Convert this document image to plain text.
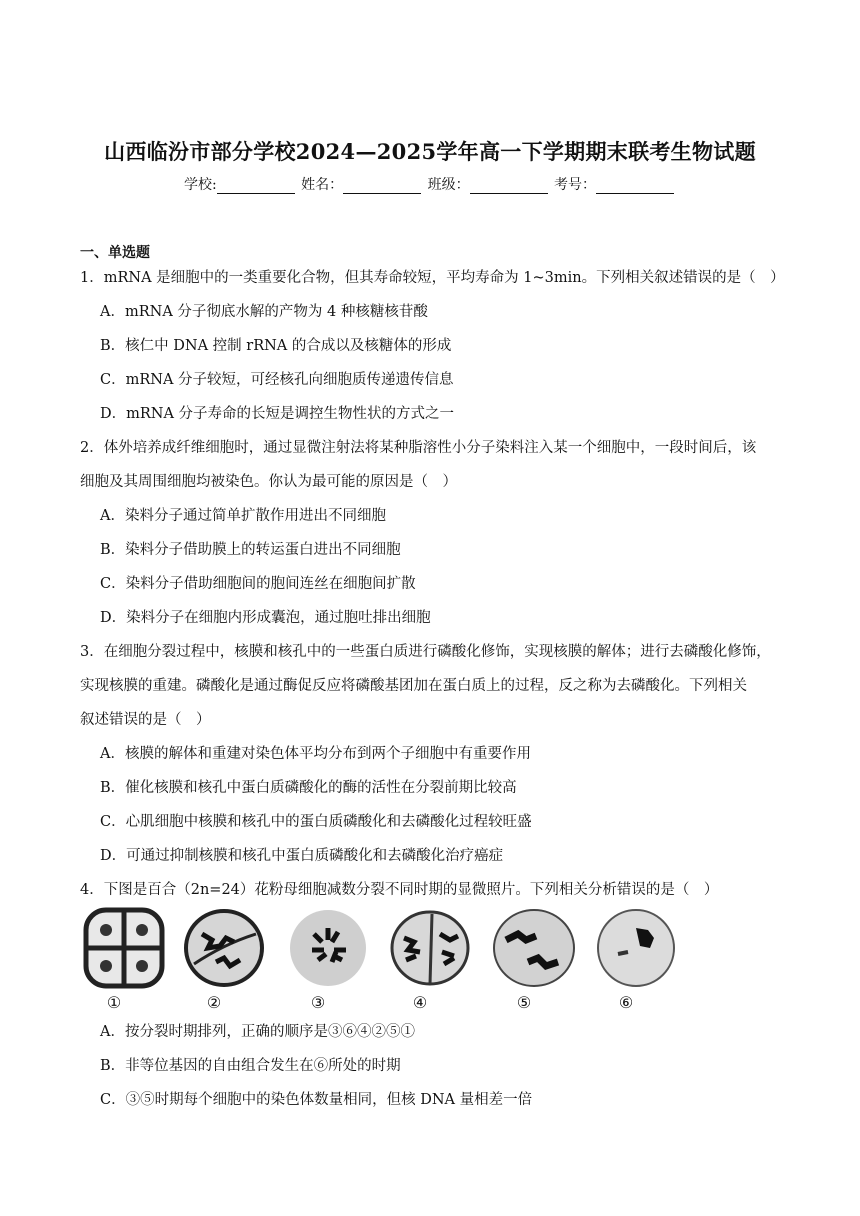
山西临汾市部分学校2024—2025学年高一下学期期末联考生物试题
学校:	姓名：	班级：	考号：
一、单选题
1．mRNA 是细胞中的一类重要化合物，但其寿命较短，平均寿命为 1~3min。下列相关叙述错误的是（　）
A．mRNA 分子彻底水解的产物为 4 种核糖核苷酸
B．核仁中 DNA 控制 rRNA 的合成以及核糖体的形成
C．mRNA 分子较短，可经核孔向细胞质传递遗传信息
D．mRNA 分子寿命的长短是调控生物性状的方式之一
2．体外培养成纤维细胞时，通过显微注射法将某种脂溶性小分子染料注入某一个细胞中，一段时间后，该
细胞及其周围细胞均被染色。你认为最可能的原因是（　）
A．染料分子通过简单扩散作用进出不同细胞
B．染料分子借助膜上的转运蛋白进出不同细胞
C．染料分子借助细胞间的胞间连丝在细胞间扩散
D．染料分子在细胞内形成囊泡，通过胞吐排出细胞
3．在细胞分裂过程中，核膜和核孔中的一些蛋白质进行磷酸化修饰，实现核膜的解体；进行去磷酸化修饰，
实现核膜的重建。磷酸化是通过酶促反应将磷酸基团加在蛋白质上的过程，反之称为去磷酸化。下列相关
叙述错误的是（　）
A．核膜的解体和重建对染色体平均分布到两个子细胞中有重要作用
B．催化核膜和核孔中蛋白质磷酸化的酶的活性在分裂前期比较高
C．心肌细胞中核膜和核孔中的蛋白质磷酸化和去磷酸化过程较旺盛
D．可通过抑制核膜和核孔中蛋白质磷酸化和去磷酸化治疗癌症
4．下图是百合（2n=24）花粉母细胞减数分裂不同时期的显微照片。下列相关分析错误的是（　）
①	②	③	④	⑤	⑥
A．按分裂时期排列，正确的顺序是③⑥④②⑤①
B．非等位基因的自由组合发生在⑥所处的时期
C．③⑤时期每个细胞中的染色体数量相同，但核 DNA 量相差一倍
